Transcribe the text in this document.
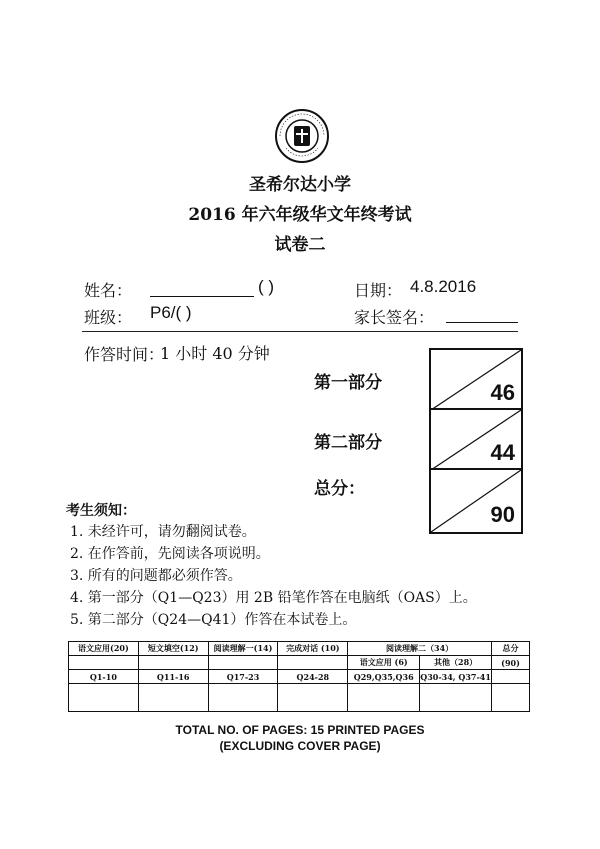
圣希尔达小学
2016 年六年级华文年终考试
试卷二
姓名：	( )	日期： 4.8.2016
班级： P6/( )	家长签名：
作答时间：
1 小时 40 分钟
第一部分	46
第二部分	44
总分：
90
考生须知：
1. 未经许可，请勿翻阅试卷。
2. 在作答前，先阅读各项说明。
3. 所有的问题都必须作答。
4. 第一部分（Q1—Q23）用 2B 铅笔作答在电脑纸（OAS）上。
5. 第二部分（Q24—Q41）作答在本试卷上。
语文应用(20)	短文填空(12)	阅读理解一(14)	完成对话 (10)	阅读理解二（34）		总分
				语文应用 (6)	其他（28）	(90)
Q1-10	Q11-16	Q17-23	Q24-28	Q29,Q35,Q36	Q30-34, Q37-41	

TOTAL NO. OF PAGES: 15 PRINTED PAGES
(EXCLUDING COVER PAGE)
